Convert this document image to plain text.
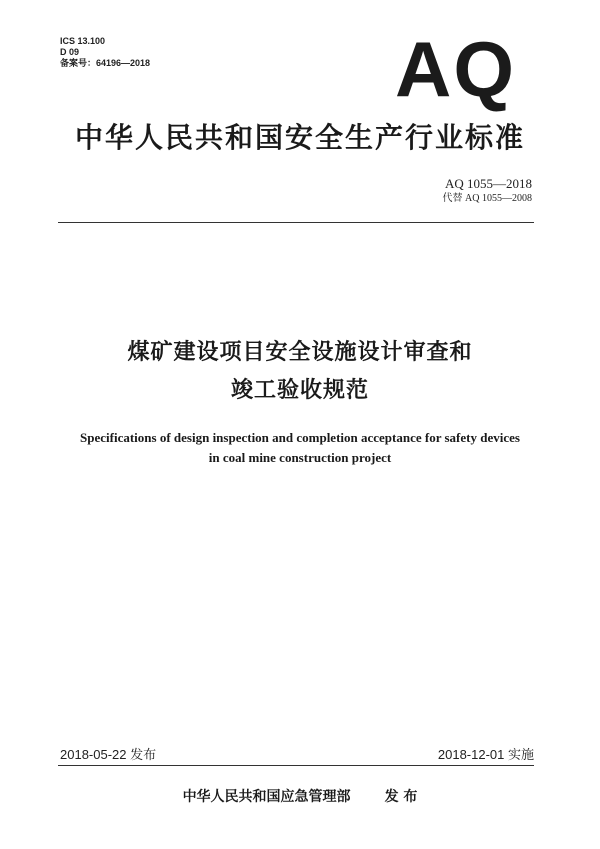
ICS 13.100
D 09
备案号：64196—2018	AQ
中华人民共和国安全生产行业标准
AQ 1055—2018
代替 AQ 1055—2008
煤矿建设项目安全设施设计审查和
竣工验收规范
Specifications of design inspection and completion acceptance for safety devices
in coal mine construction project
2018-05-22 发布	2018-12-01 实施
中华人民共和国应急管理部 发 布
